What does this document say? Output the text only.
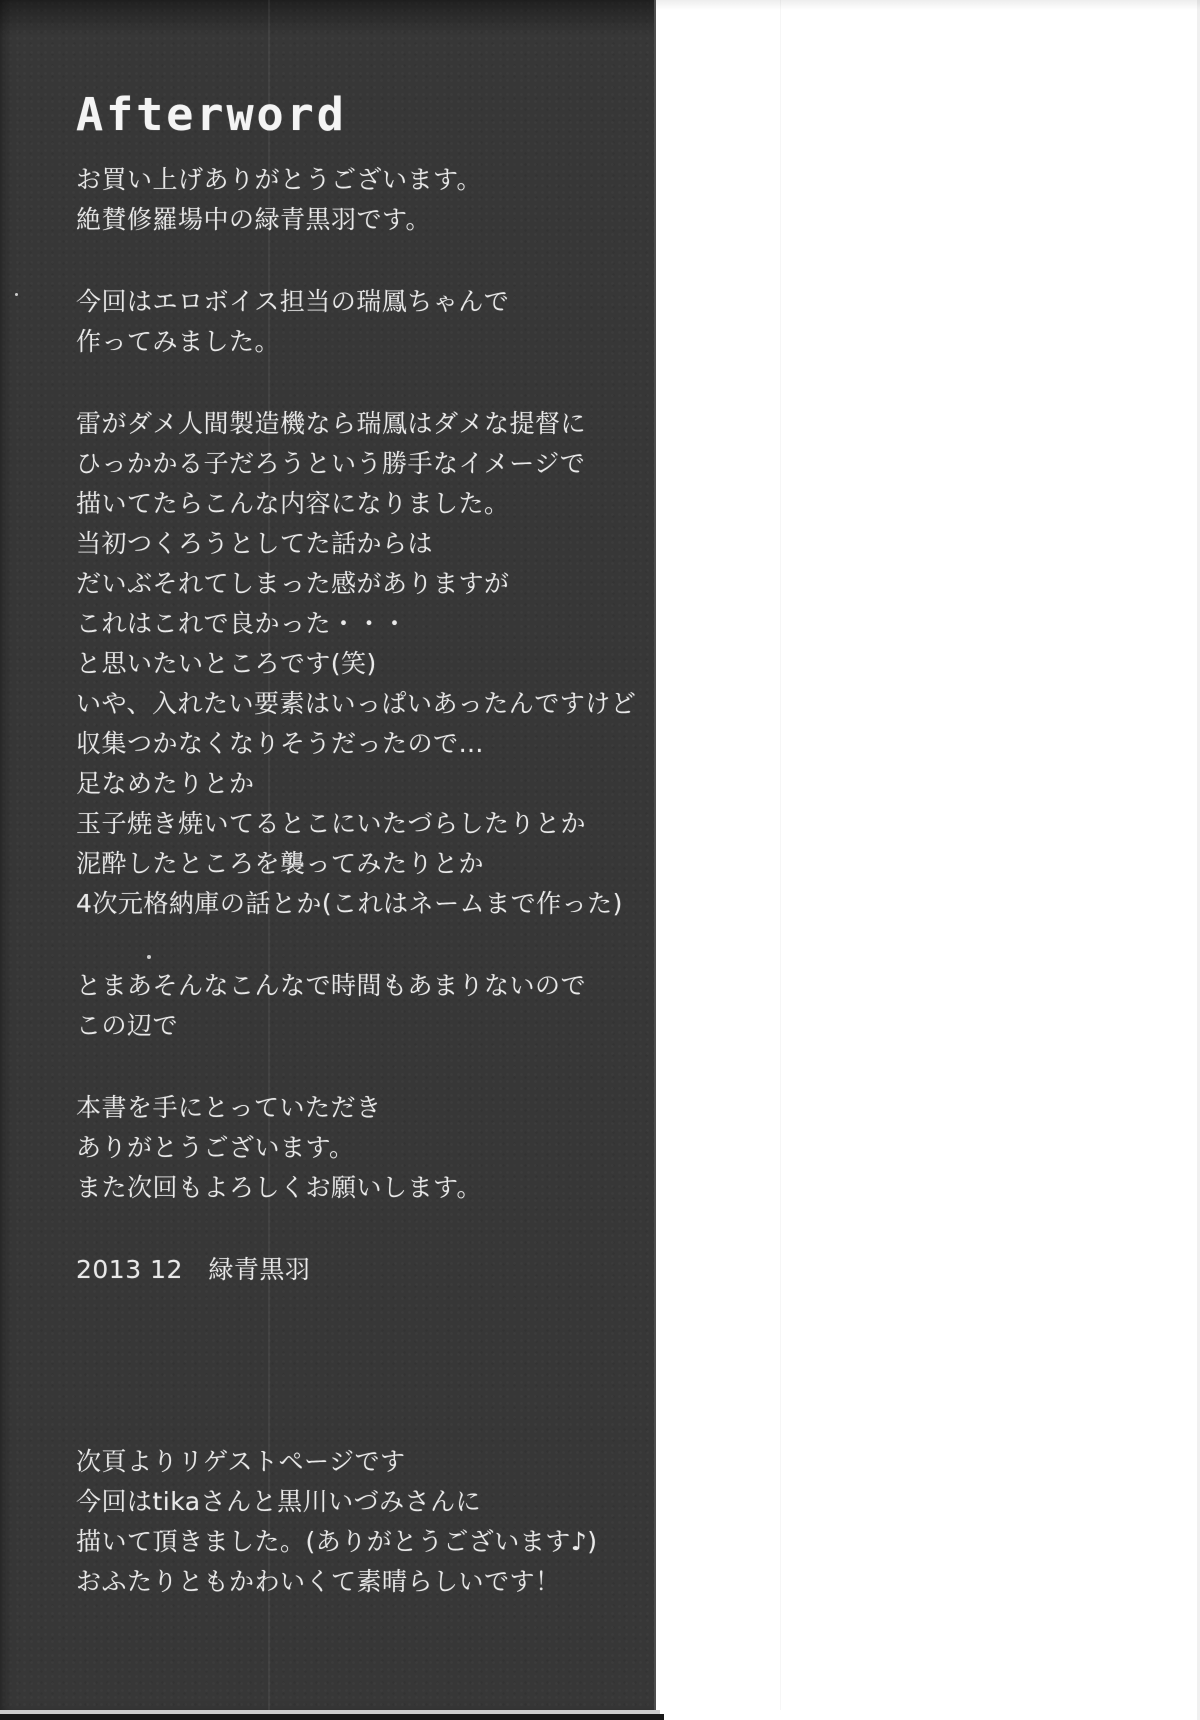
Afterword
お買い上げありがとうございます。
絶賛修羅場中の緑青黒羽です。
今回はエロボイス担当の瑞鳳ちゃんで
作ってみました。
雷がダメ人間製造機なら瑞鳳はダメな提督に
ひっかかる子だろうという勝手なイメージで
描いてたらこんな内容になりました。
当初つくろうとしてた話からは
だいぶそれてしまった感がありますが
これはこれで良かった・・・
と思いたいところです(笑)
いや、入れたい要素はいっぱいあったんですけど
収集つかなくなりそうだったので…
足なめたりとか
玉子焼き焼いてるとこにいたづらしたりとか
泥酔したところを襲ってみたりとか
4次元格納庫の話とか(これはネームまで作った)
とまあそんなこんなで時間もあまりないので
この辺で
本書を手にとっていただき
ありがとうございます。
また次回もよろしくお願いします。
2013 12　緑青黒羽
次頁よりリゲストページです
今回はtikaさんと黒川いづみさんに
描いて頂きました。(ありがとうございます♪)
おふたりともかわいくて素晴らしいです！
